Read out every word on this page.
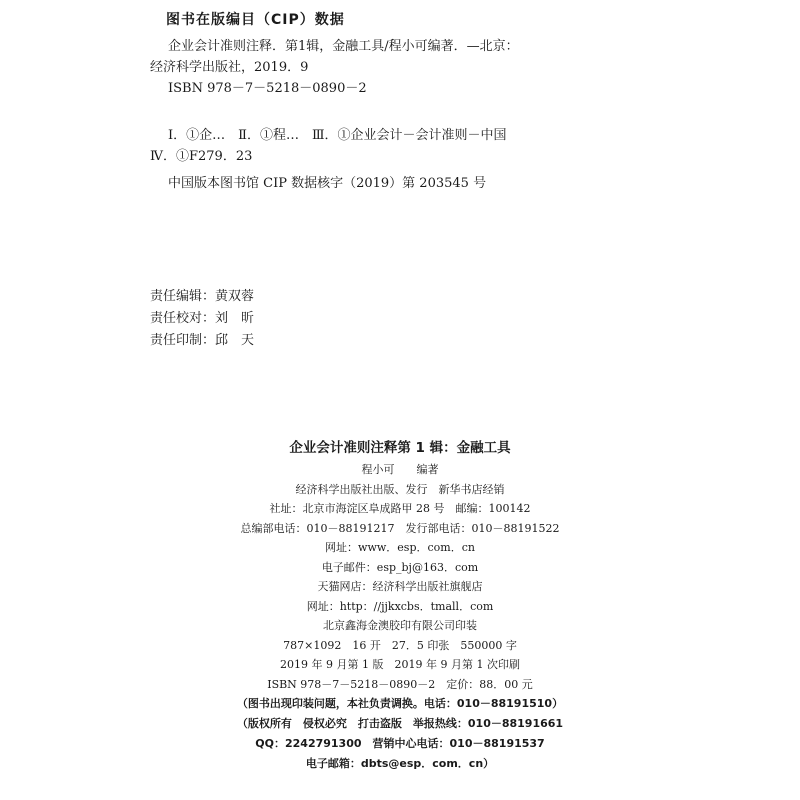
图书在版编目（CIP）数据
企业会计准则注释．第1辑，金融工具/程小可编著．—北京：
经济科学出版社，2019．9
ISBN 978－7－5218－0890－2
Ⅰ．①企…　Ⅱ．①程…　Ⅲ．①企业会计－会计准则－中国
Ⅳ．①F279．23
中国版本图书馆 CIP 数据核字（2019）第 203545 号
责任编辑：黄双蓉
责任校对：刘　昕
责任印制：邱　天
企业会计准则注释第 1 辑：金融工具
程小可　　编著
经济科学出版社出版、发行　新华书店经销
社址：北京市海淀区阜成路甲 28 号　邮编：100142
总编部电话：010－88191217　发行部电话：010－88191522
网址：www．esp．com．cn
电子邮件：esp_bj@163．com
天猫网店：经济科学出版社旗舰店
网址：http：//jjkxcbs．tmall．com
北京鑫海金澳胶印有限公司印装
787×1092　16 开　27．5 印张　550000 字
2019 年 9 月第 1 版　2019 年 9 月第 1 次印刷
ISBN 978－7－5218－0890－2　定价：88．00 元
（图书出现印装问题，本社负责调换。电话：010－88191510）
（版权所有　侵权必究　打击盗版　举报热线：010－88191661
QQ：2242791300　营销中心电话：010－88191537
电子邮箱：dbts@esp．com．cn）
